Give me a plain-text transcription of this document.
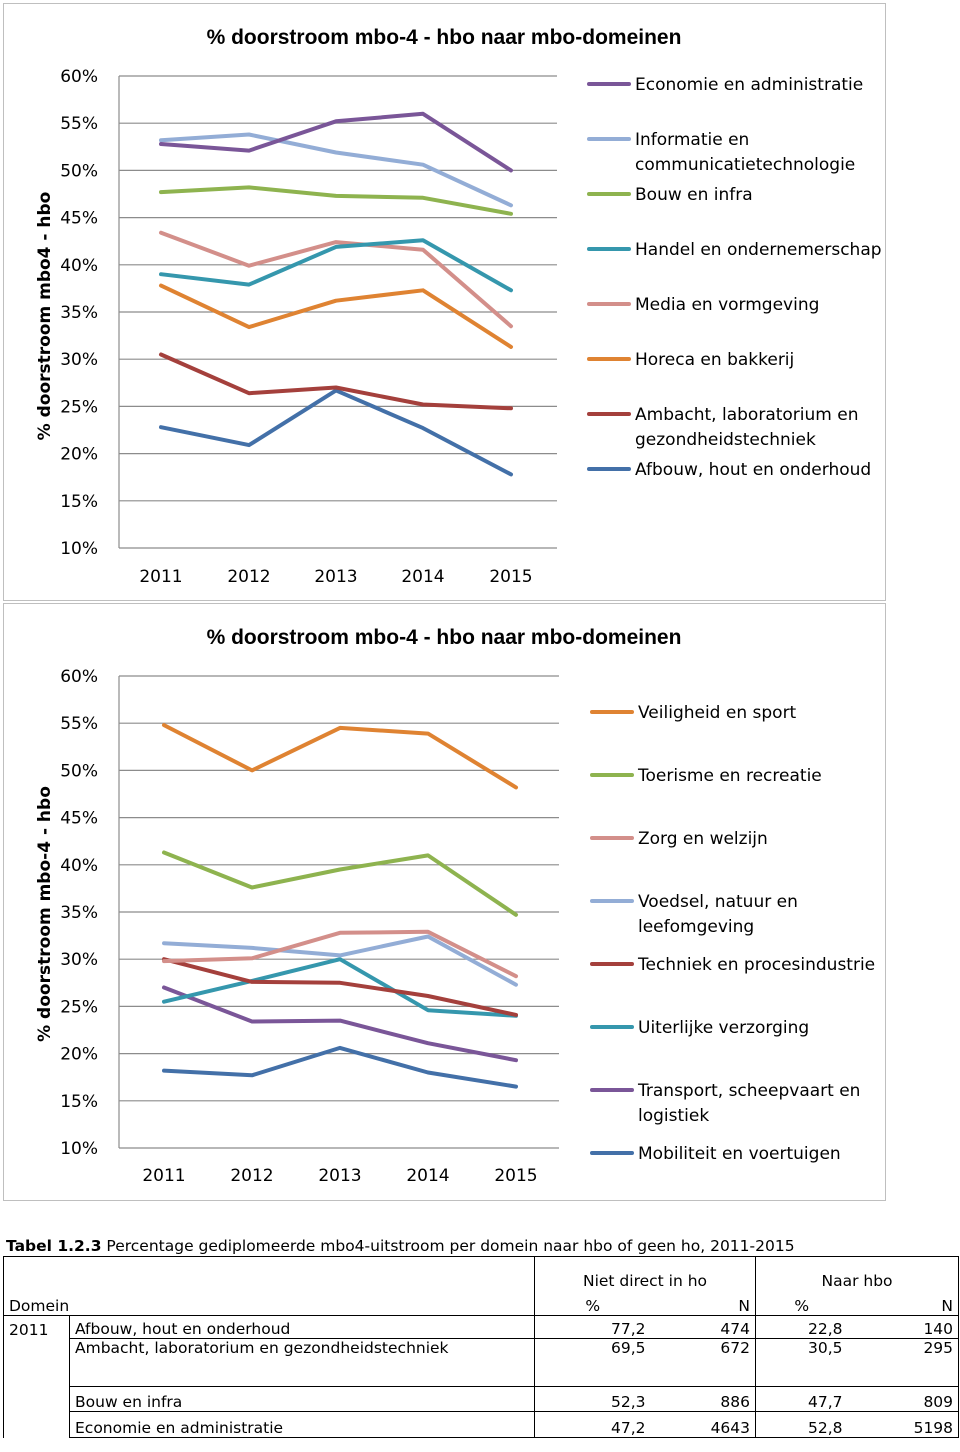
10%
15%
20%
25%
30%
35%
40%
45%
50%
55%
60%
2011	2012	2013	2014	2015
% doorstroom mbo-4 - hbo naar mbo-domeinen
% doorstroom mbo4 - hbo
Economie en administratie
Informatie en communicatietechnologie
Bouw en infra
Handel en ondernemerschap
Media en vormgeving
Horeca en bakkerij
Ambacht, laboratorium en gezondheidstechniek
Afbouw, hout en onderhoud
10%
15%
20%
25%
30%
35%
40%
45%
50%
55%
60%
2011	2012	2013	2014	2015
% doorstroom mbo-4 - hbo naar mbo-domeinen
% doorstroom mbo-4 - hbo
Veiligheid en sport
Toerisme en recreatie
Zorg en welzijn
Voedsel, natuur en leefomgeving
Techniek en procesindustrie
Uiterlijke verzorging
Transport, scheepvaart en logistiek
Mobiliteit en voertuigen
Tabel 1.2.3 Percentage gediplomeerde mbo4-uitstroom per domein naar hbo of geen ho, 2011-2015
		Niet direct in ho		Naar hbo	
Domein		%	N	%	N
2011	Afbouw, hout en onderhoud	77,2	474	22,8	140
	Ambacht, laboratorium en gezondheidstechniek	69,5	672	30,5	295

	Bouw en infra	52,3	886	47,7	809
	Economie en administratie	47,2	4643	52,8	5198
